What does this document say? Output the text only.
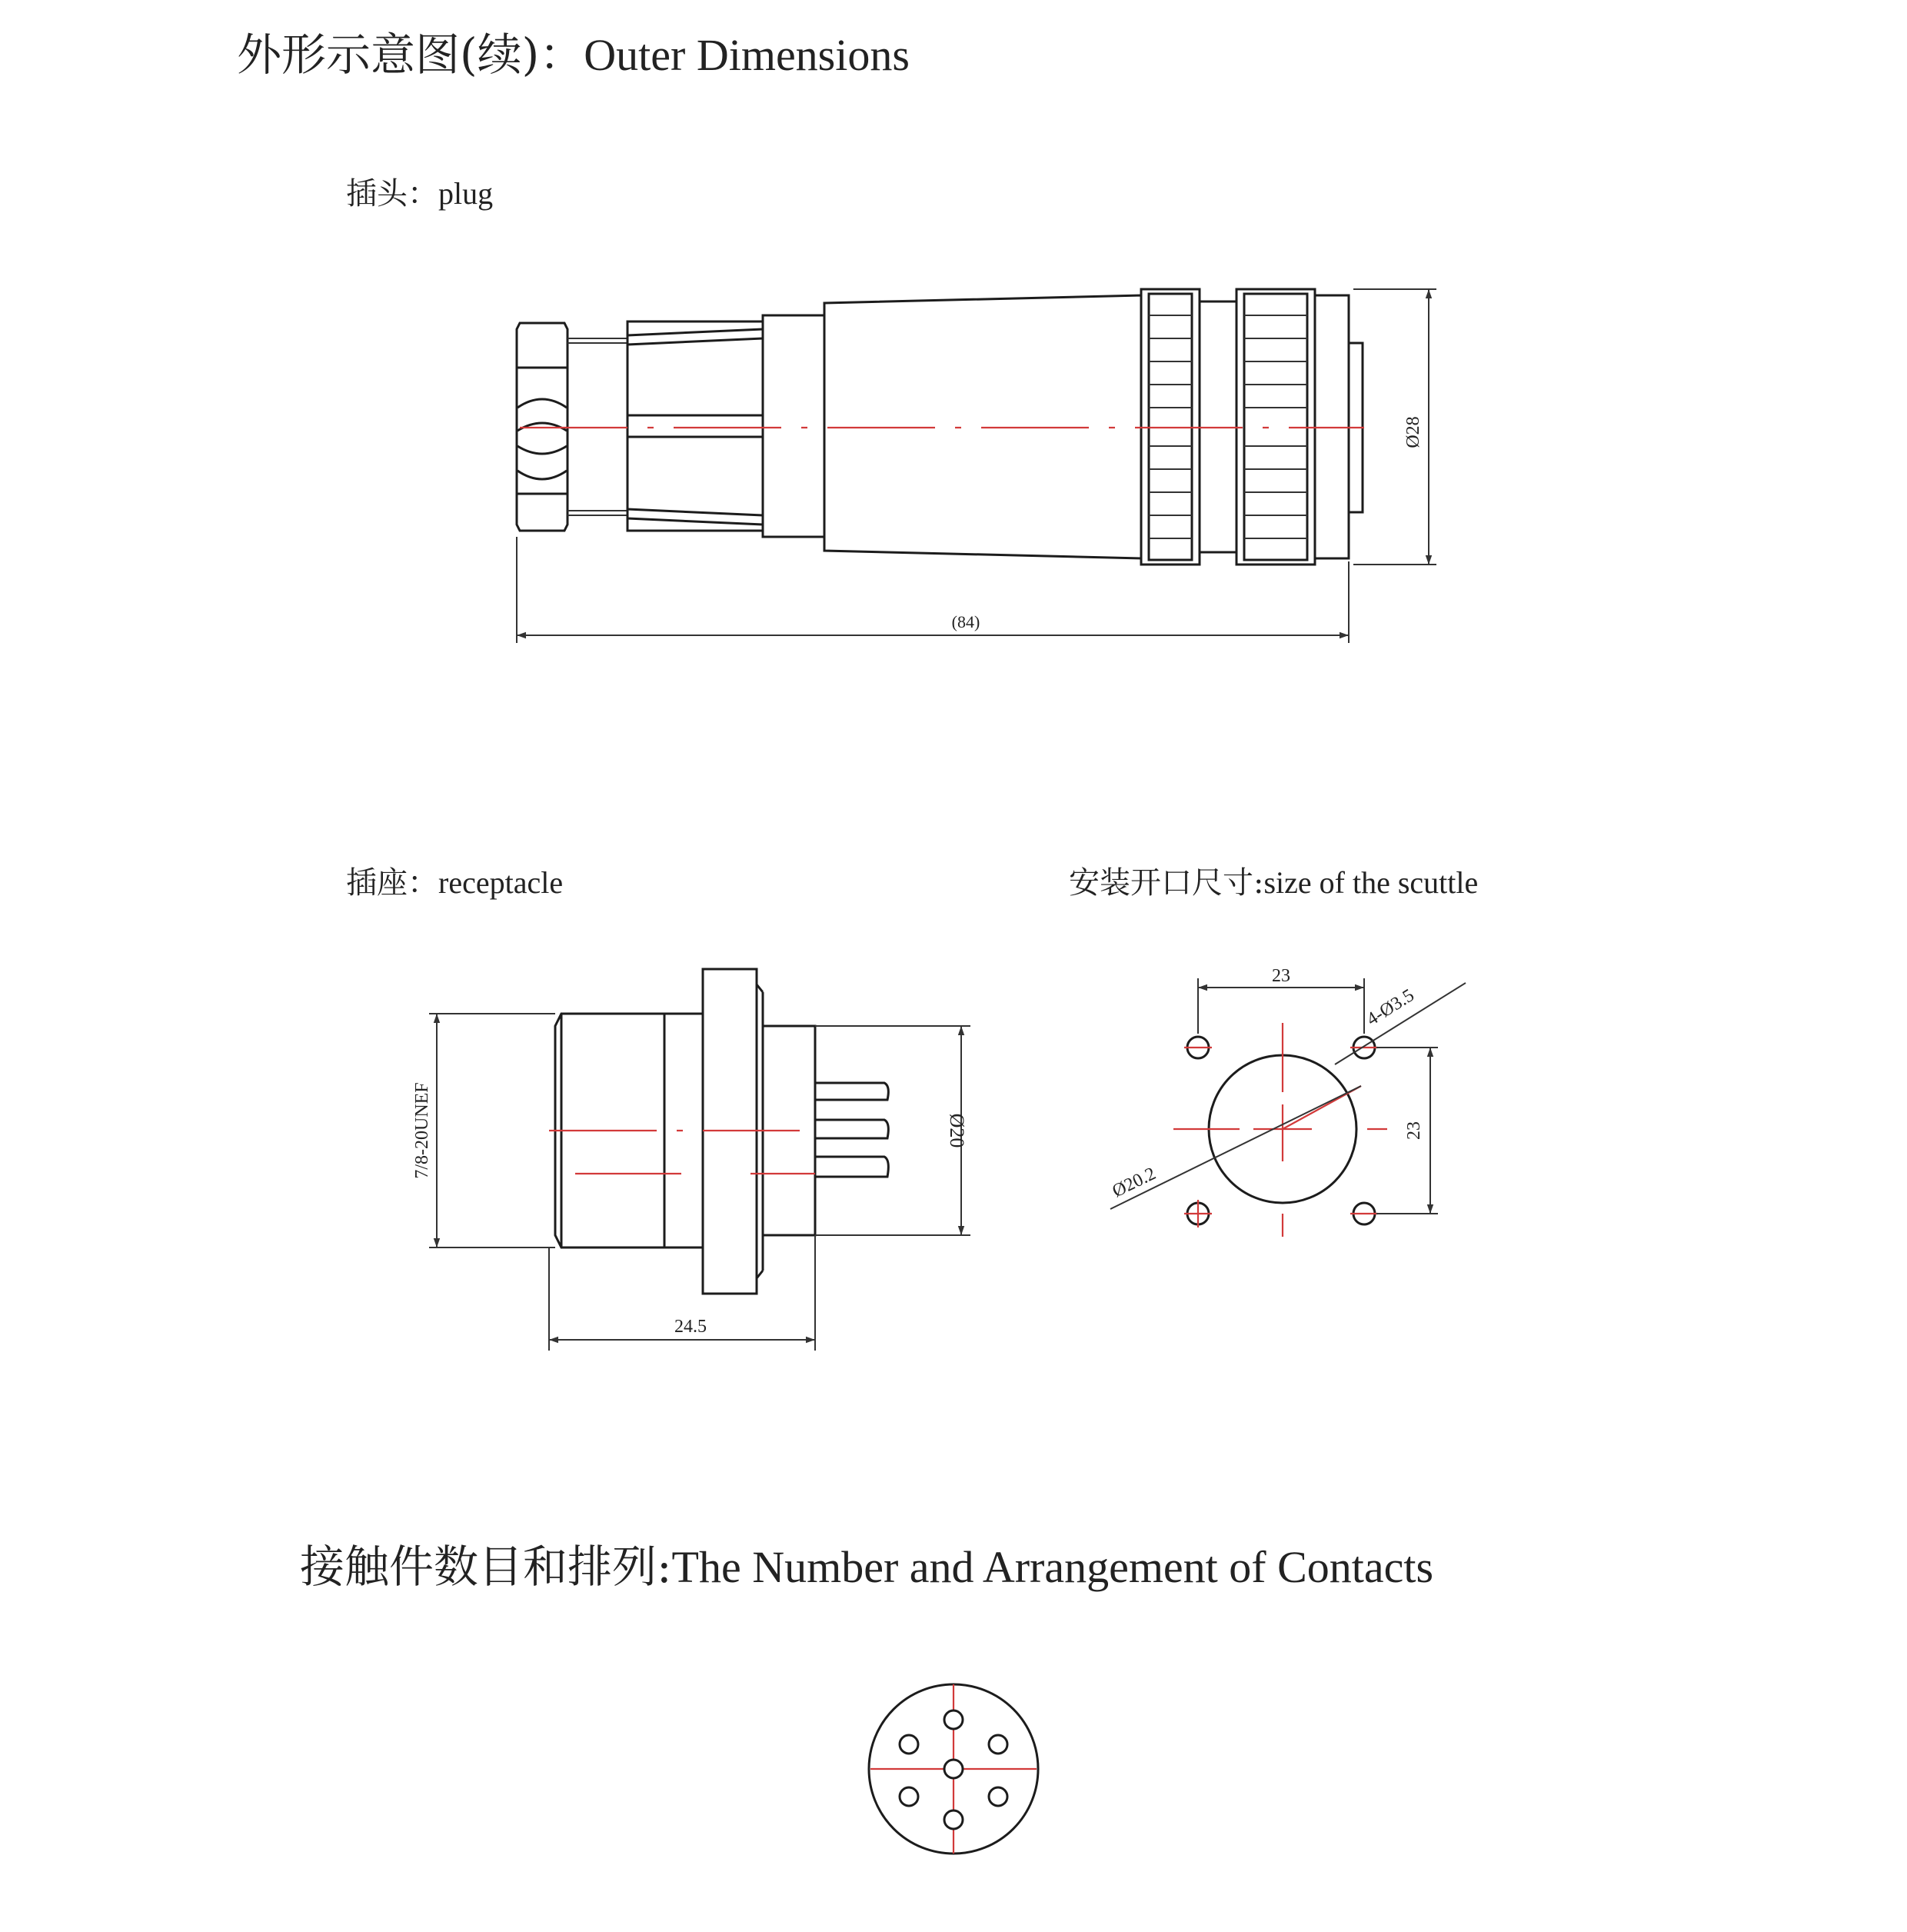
外形示意图(续)：Outer Dimensions
插头：plug
插座：receptacle	安装开口尺寸:size of the scuttle
接触件数目和排列:The Number and Arrangement of Contacts
Ø28
(84)
7/8-20UNEF	Ø20
24.5
23
23
4-Ø3.5
Ø20.2
